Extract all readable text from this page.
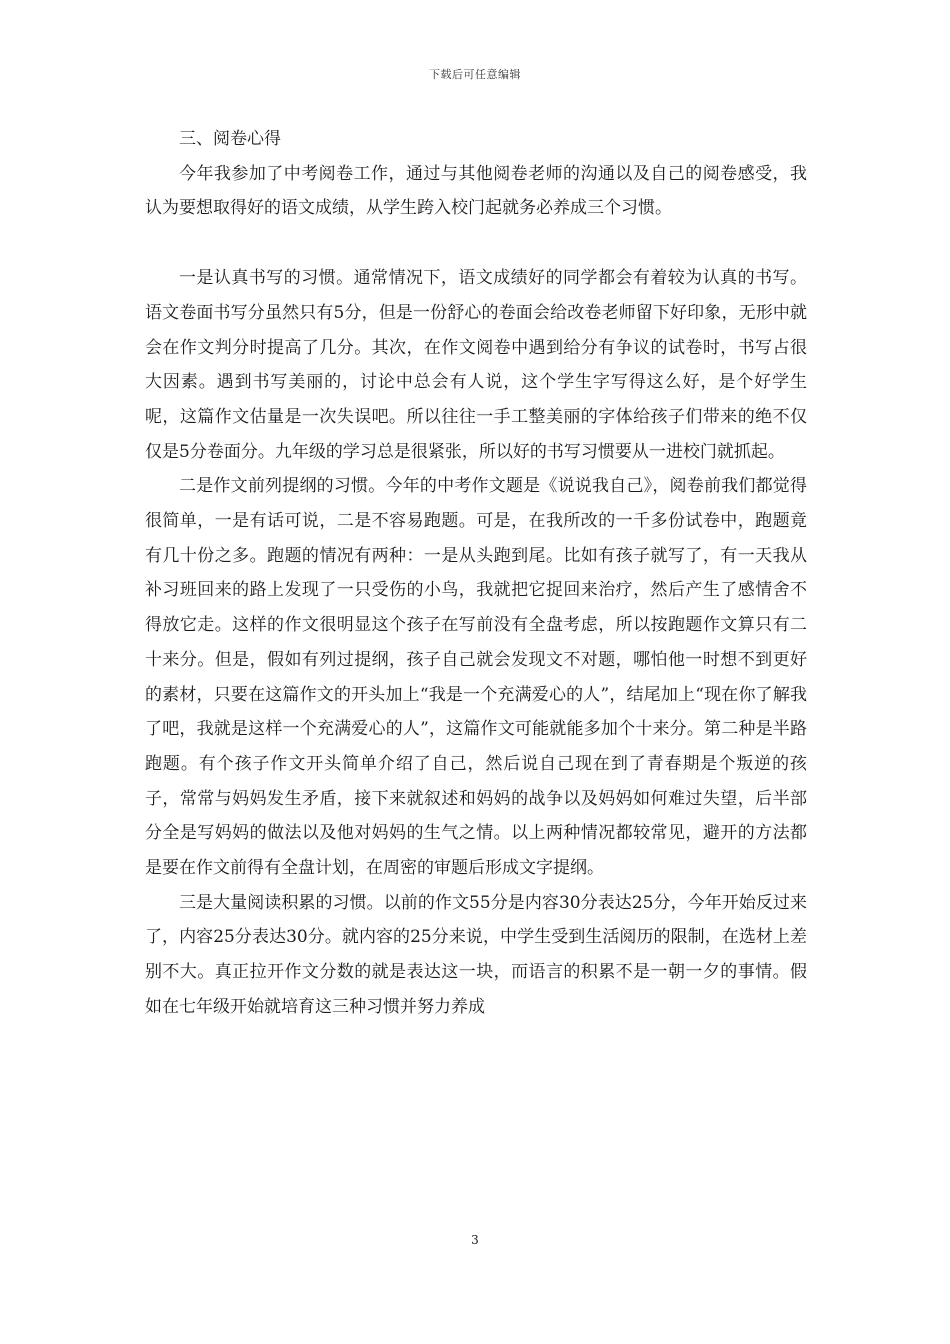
下载后可任意编辑

三、阅卷心得

今年我参加了中考阅卷工作，通过与其他阅卷老师的沟通以及自己的阅卷感受，我认为要想取得好的语文成绩，从学生跨入校门起就务必养成三个习惯。

一是认真书写的习惯。通常情况下，语文成绩好的同学都会有着较为认真的书写。语文卷面书写分虽然只有5分，但是一份舒心的卷面会给改卷老师留下好印象，无形中就会在作文判分时提高了几分。其次，在作文阅卷中遇到给分有争议的试卷时，书写占很大因素。遇到书写美丽的，讨论中总会有人说，这个学生字写得这么好，是个好学生呢，这篇作文估量是一次失误吧。所以往往一手工整美丽的字体给孩子们带来的绝不仅仅是5分卷面分。九年级的学习总是很紧张，所以好的书写习惯要从一进校门就抓起。

二是作文前列提纲的习惯。今年的中考作文题是《说说我自己》，阅卷前我们都觉得很简单，一是有话可说，二是不容易跑题。可是，在我所改的一千多份试卷中，跑题竟有几十份之多。跑题的情况有两种：一是从头跑到尾。比如有孩子就写了，有一天我从补习班回来的路上发现了一只受伤的小鸟，我就把它捉回来治疗，然后产生了感情舍不得放它走。这样的作文很明显这个孩子在写前没有全盘考虑，所以按跑题作文算只有二十来分。但是，假如有列过提纲，孩子自己就会发现文不对题，哪怕他一时想不到更好的素材，只要在这篇作文的开头加上“我是一个充满爱心的人”，结尾加上“现在你了解我了吧，我就是这样一个充满爱心的人”，这篇作文可能就能多加个十来分。第二种是半路跑题。有个孩子作文开头简单介绍了自己，然后说自己现在到了青春期是个叛逆的孩子，常常与妈妈发生矛盾，接下来就叙述和妈妈的战争以及妈妈如何难过失望，后半部分全是写妈妈的做法以及他对妈妈的生气之情。以上两种情况都较常见，避开的方法都是要在作文前得有全盘计划，在周密的审题后形成文字提纲。

三是大量阅读积累的习惯。以前的作文55分是内容30分表达25分，今年开始反过来了，内容25分表达30分。就内容的25分来说，中学生受到生活阅历的限制，在选材上差别不大。真正拉开作文分数的就是表达这一块，而语言的积累不是一朝一夕的事情。假如在七年级开始就培育这三种习惯并努力养成

3
